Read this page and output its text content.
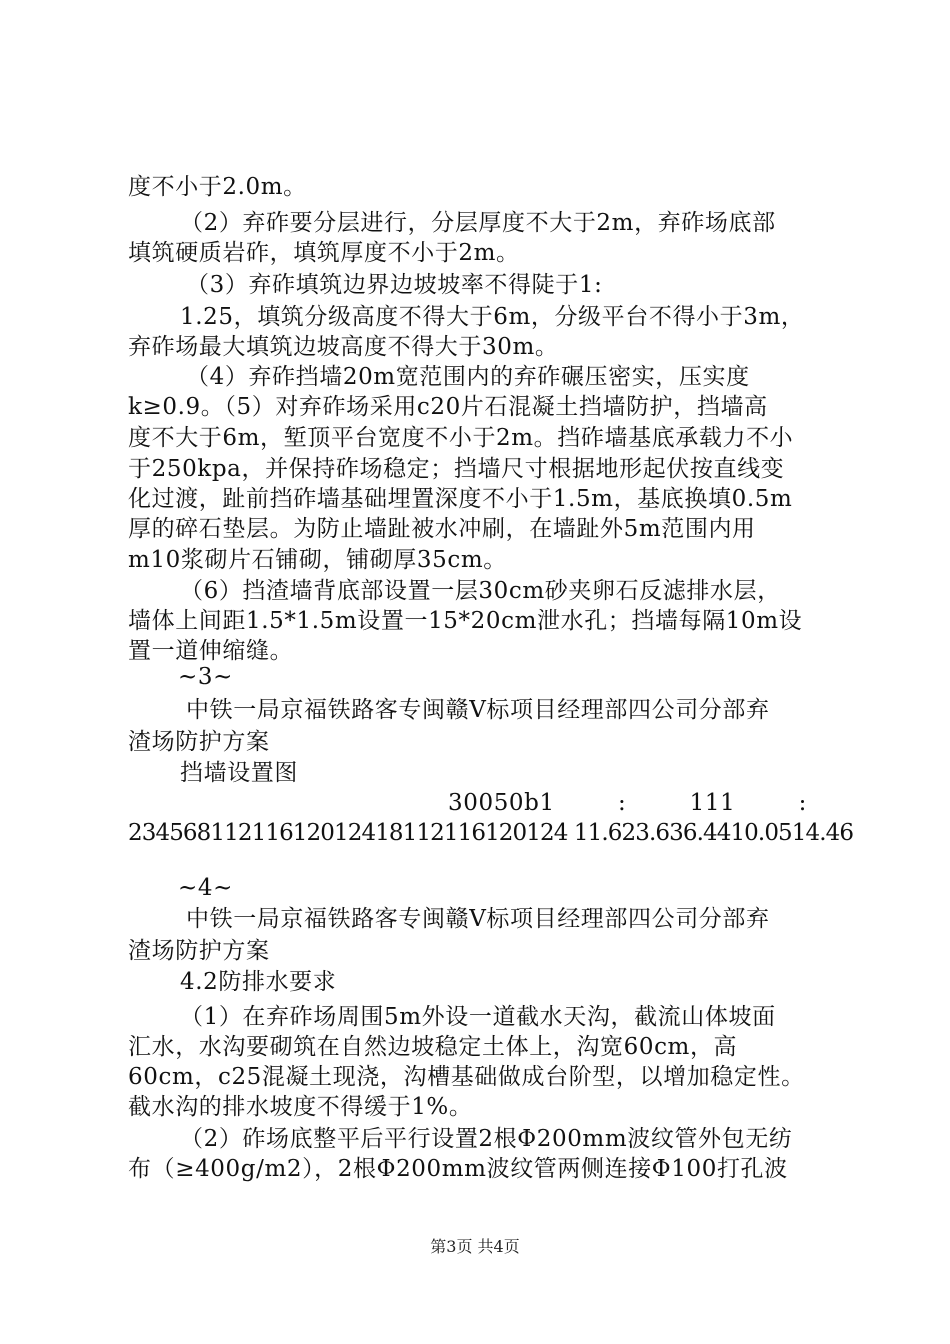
度不小于2.0m。
（2）弃砟要分层进行，分层厚度不大于2m，弃砟场底部
填筑硬质岩砟，填筑厚度不小于2m。
（3）弃砟填筑边界边坡坡率不得陡于1:
1.25，填筑分级高度不得大于6m，分级平台不得小于3m，
弃砟场最大填筑边坡高度不得大于30m。
（4）弃砟挡墙20m宽范围内的弃砟碾压密实，压实度
k≥0.9。（5）对弃砟场采用c20片石混凝土挡墙防护，挡墙高
度不大于6m，堑顶平台宽度不小于2m。挡砟墙基底承载力不小
于250kpa，并保持砟场稳定；挡墙尺寸根据地形起伏按直线变
化过渡，趾前挡砟墙基础埋置深度不小于1.5m，基底换填0.5m
厚的碎石垫层。为防止墙趾被水冲刷，在墙趾外5m范围内用
m10浆砌片石铺砌，铺砌厚35cm。
（6）挡渣墙背底部设置一层30cm砂夹卵石反滤排水层，
墙体上间距1.5*1.5m设置一15*20cm泄水孔；挡墙每隔10m设
置一道伸缩缝。
~3~
中铁一局京福铁路客专闽赣Ⅴ标项目经理部四公司分部弃
渣场防护方案
挡墙设置图
30050b1        :        111        :
23456811211612012418112116120124 11.623.636.4410.0514.46
~4~
中铁一局京福铁路客专闽赣Ⅴ标项目经理部四公司分部弃
渣场防护方案
4.2防排水要求
（1）在弃砟场周围5m外设一道截水天沟，截流山体坡面
汇水，水沟要砌筑在自然边坡稳定土体上，沟宽60cm，高
60cm，c25混凝土现浇，沟槽基础做成台阶型，以增加稳定性。
截水沟的排水坡度不得缓于1%。
（2）砟场底整平后平行设置2根Φ200mm波纹管外包无纺
布（≥400g/m2），2根Φ200mm波纹管两侧连接Φ100打孔波
第3页 共4页
